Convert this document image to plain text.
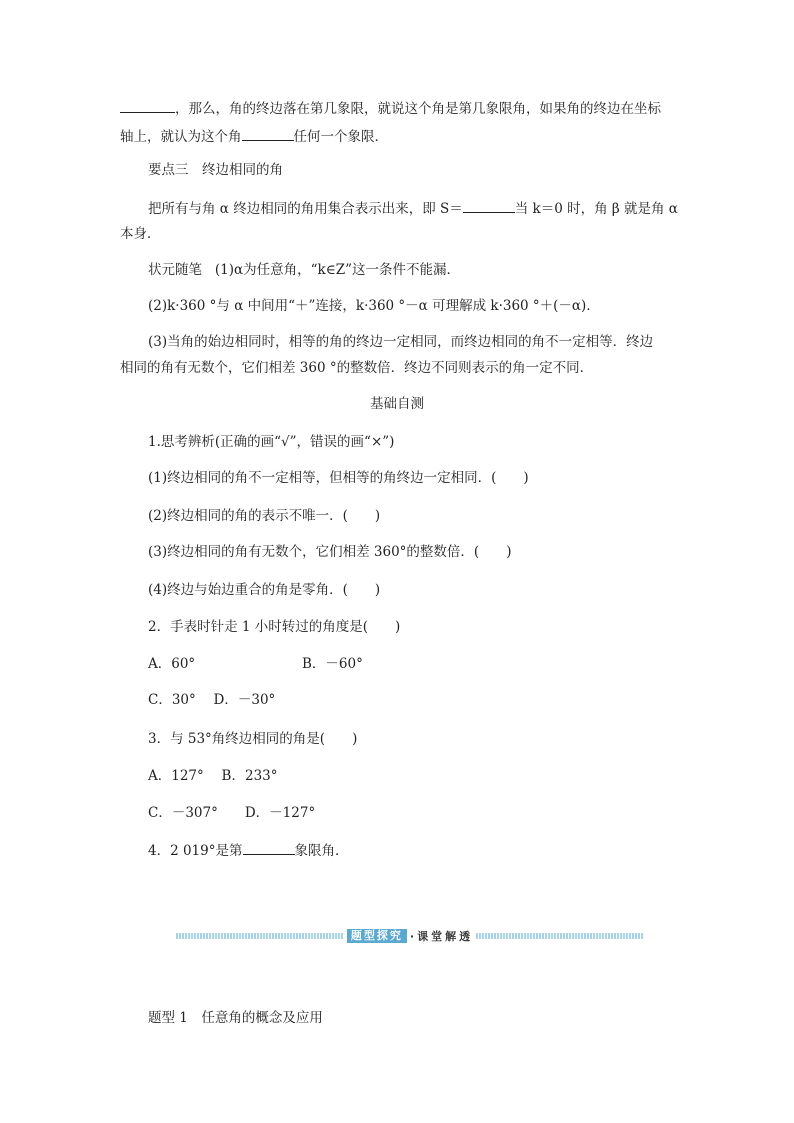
，那么，角的终边落在第几象限，就说这个角是第几象限角，如果角的终边在坐标
轴上，就认为这个角	任何一个象限．
要点三　终边相同的角
把所有与角 α 终边相同的角用集合表示出来，即 S＝	当 k＝0 时，角 β 就是角 α
本身．
状元随笔 (1)α为任意角，“k∈Z”这一条件不能漏．
(2)k·360 °与 α 中间用“＋”连接，k·360 °－α 可理解成 k·360 °＋(－α)．
(3)当角的始边相同时，相等的角的终边一定相同，而终边相同的角不一定相等．终边
相同的角有无数个，它们相差 360 °的整数倍．终边不同则表示的角一定不同．
基础自测
1.思考辨析(正确的画“√”，错误的画“×”)
(1)终边相同的角不一定相等，但相等的角终边一定相同．(　　)
(2)终边相同的角的表示不唯一．(　　)
(3)终边相同的角有无数个，它们相差 360°的整数倍．(　　)
(4)终边与始边重合的角是零角．(　　)
2．手表时针走 1 小时转过的角度是(　　)
A．60°	B．－60°
C．30°　 D．－30°
3．与 53°角终边相同的角是(　　)
A．127°　 B．233°
C．－307°　　D．－127°
4．2 019°是第	象限角．
题型探究 ·课堂解透
题型 1　任意角的概念及应用
